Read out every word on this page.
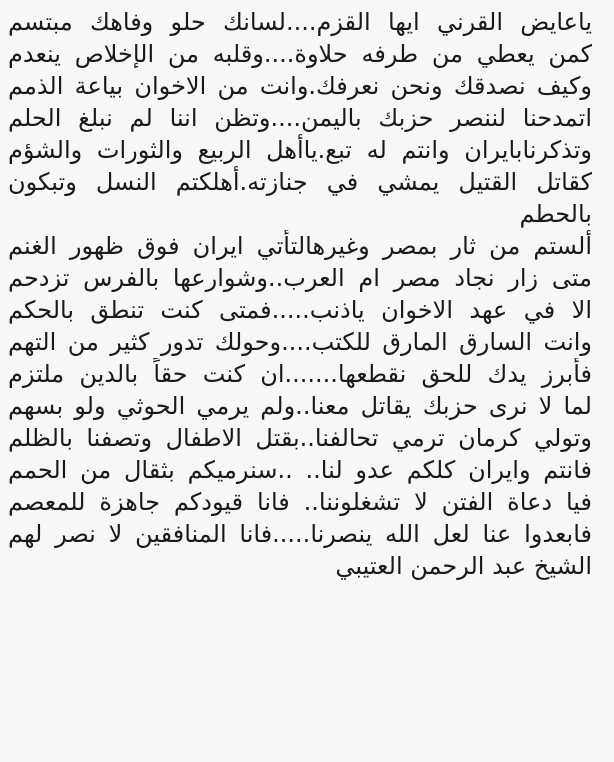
ياعايض القرني ايها القزم....لسانك حلو وفاهك مبتسم
كمن يعطي من طرفه حلاوة....وقلبه من الإخلاص ينعدم
وكيف نصدقك ونحن نعرفك.وانت من الاخوان بياعة الذمم
اتمدحنا لننصر حزبك باليمن....وتظن اننا لم نبلغ الحلم
وتذكرنابايران وانتم له تبع.ياأهل الربيع والثورات والشؤم
كقاتل القتيل يمشي في جنازته.أهلكتم النسل وتبكون
بالحطم
ألستم من ثار بمصر وغيرهالتأتي ايران فوق ظهور الغنم
متى زار نجاد مصر ام العرب..وشوارعها بالفرس تزدحم
الا في عهد الاخوان ياذنب.....فمتى كنت تنطق بالحكم
وانت السارق المارق للكتب....وحولك تدور كثير من التهم
فأبرز يدك للحق نقطعها.......ان كنت حقاً بالدين ملتزم
لما لا نرى حزبك يقاتل معنا..ولم يرمي الحوثي ولو بسهم
وتولي كرمان ترمي تحالفنا..بقتل الاطفال وتصفنا بالظلم
فانتم وايران كلكم عدو لنا.. ..سنرميكم بثقال من الحمم
فيا دعاة الفتن لا تشغلوننا.. فانا قيودكم جاهزة للمعصم
فابعدوا عنا لعل الله ينصرنا.....فانا المنافقين لا نصر لهم
الشيخ عبد الرحمن العتيبي
